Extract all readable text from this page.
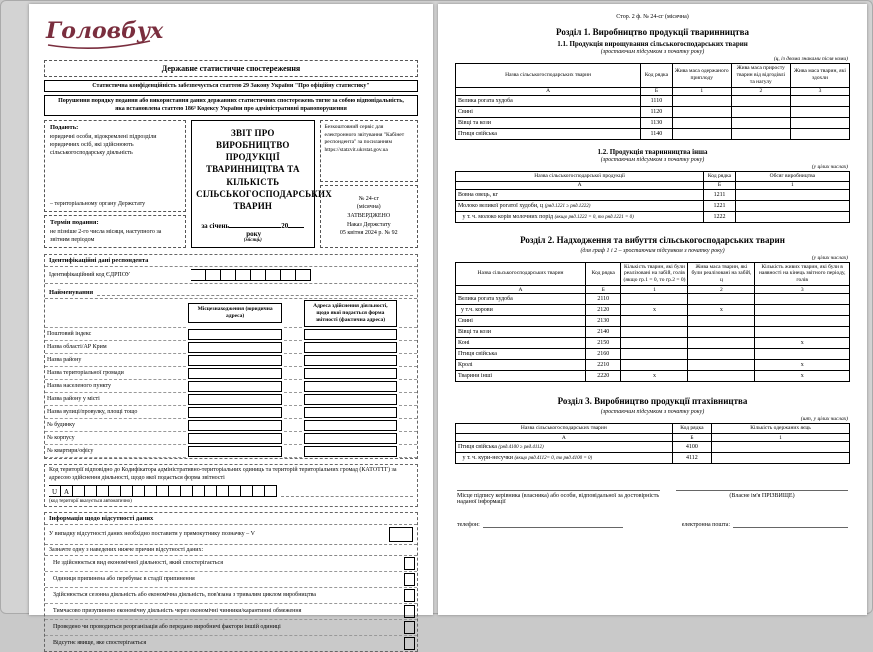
Головбух
Державне статистичне спостереження
Статистична конфіденційність забезпечується статтею 29 Закону України "Про офіційну статистику"
Порушення порядку подання або використання даних державних статистичних спостережень тягне за собою відповідальність, яка встановлена статтею 186³ Кодексу України про адміністративні правопорушення
Подають:
юридичні особи, відокремлені підрозділи юридичних осіб, які здійснюють сільськогосподарську діяльність
– територіальному органу Держстату
Термін подання:
не пізніше 2-го числа місяця, наступного за звітним періодом
ЗВІТ ПРО ВИРОБНИЦТВО ПРОДУКЦІЇ ТВАРИННИЦТВА ТА КІЛЬКІСТЬ СІЛЬСЬКОГОСПОДАРСЬКИХ ТВАРИН
за січень	20 року
(місяць)
Безкоштовний сервіс для електронного звітування "Кабінет респондента" за посиланням https://statzvit.ukrstat.gov.ua
№ 24-сг
(місячна)
ЗАТВЕРДЖЕНО
Наказ Держстату
05 квітня 2024 р. № 92
Ідентифікаційні дані респондента
Ідентифікаційний код ЄДРПОУ
Найменування

	Місцезнаходження (юридична адреса)		Адреса здійснення діяльності, щодо якої подається форма звітності (фактична адреса)	

Поштовий індекс	

Назва області/АР Крим	

Назва району	

Назва територіальної громади	

Назва населеного пункту	

Назва району у місті	

Назва вулиці/провулку, площі тощо	

№ будинку	

№ корпусу	

№ квартири/офісу	

Код території відповідно до Кодифікатора адміністративно-територіальних одиниць та територій територіальних громад (КАТОТТГ) за адресою здійснення діяльності, щодо якої подається форма звітності
U A
(код території вказується автоматично)
Інформація щодо відсутності даних
У випадку відсутності даних необхідно поставити у прямокутнику позначку – V
Зазначте одну з наведених нижче причин відсутності даних:
Не здійснюється вид економічної діяльності, який спостерігається
Одиниця припинена або перебуває в стадії припинення
Здійснюється сезонна діяльність або економічна діяльність, пов'язана з тривалим циклом виробництва
Тимчасово призупинено економічну діяльність через економічні чинники/карантинні обмеження
Проведено чи проводиться реорганізація або передано виробничі фактори іншій одиниці
Відсутнє явище, яке спостерігається
Стор. 2 ф. № 24-сг (місячна)
Розділ 1. Виробництво продукції тваринництва
1.1. Продукція вирощування сільськогосподарських тварин
(зростаючим підсумком з початку року)
(ц, із двома знаками після коми)
Назва сільськогосподарських тварин	Код рядка	Жива маса одержаного приплоду	Жива маса приросту тварин від відгодівлі та нагулу	Жива маса тварин, які здохли
А	Б	1	2	3
Велика рогата худоба	1110			
Свині	1120			
Вівці та кози	1130			
Птиця свійська	1140			
1.2. Продукція тваринництва інша
(зростаючим підсумком з початку року)
(у цілих числах)
Назва сільськогосподарської продукції	Код рядка	Обсяг виробництва
А	Б	1
Вовна овець, кг	1211	
Молоко великої рогатої худоби, ц (ряд.1221 ≥ ряд.1222)	1221	
у т. ч. молоко корів молочних порід (якщо ряд.1222 = 0, то ряд.1221 = 0)	1222	
Розділ 2. Надходження та вибуття сільськогосподарських тварин
(для граф 1 і 2 – зростаючим підсумком з початку року)
(у цілих числах)
Назва сільськогосподарських тварин	Код рядка	Кількість тварин, які були реалізовані на забій, голів (якщо гр.1 = 0, то гр.2 = 0)	Жива маса тварин, які були реалізовані на забій, ц	Кількість живих тварин, які були в наявності на кінець звітного періоду, голів
А	Б	1	2	3
Велика рогата худоба	2110			
у т.ч. корови	2120	х	х	
Свині	2130			
Вівці та кози	2140			
Коні	2150			х
Птиця свійська	2160			
Кролі	2210			х
Тварини інші	2220	х		х
Розділ 3. Виробництво продукції птахівництва
(зростаючим підсумком з початку року)
(шт, у цілих числах)
Назва сільськогосподарських тварин	Код рядка	Кількість одержаних яєць
А	Б	1
Птиця свійська (ряд.4100 ≥ ряд.4112)	4100	
у т. ч. кури-несучки (якщо ряд.4112= 0, то ряд.4100 = 0)	4112	
Місце підпису керівника (власника) або особи, відповідальної за достовірність наданої інформації
(Власне ім'я ПРІЗВИЩЕ)
телефон:	електронна пошта:
